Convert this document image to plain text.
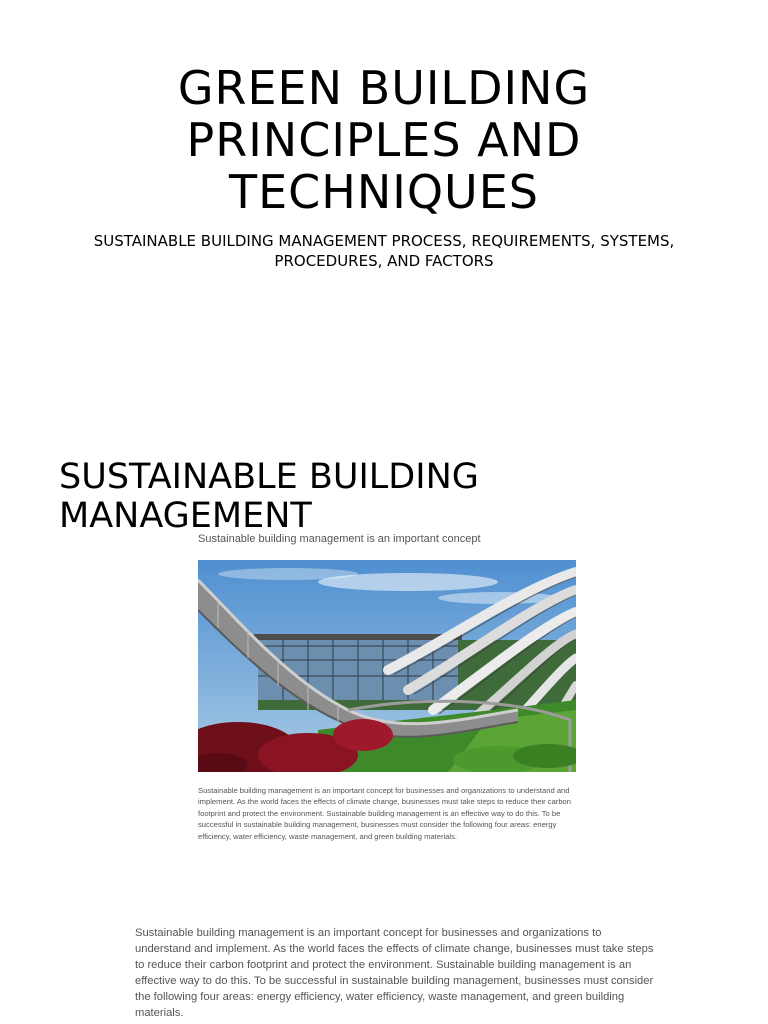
GREEN BUILDING PRINCIPLES AND TECHNIQUES

SUSTAINABLE BUILDING MANAGEMENT PROCESS, REQUIREMENTS, SYSTEMS, PROCEDURES, AND FACTORS

SUSTAINABLE BUILDING MANAGEMENT

Sustainable building management is an important concept

Sustainable building management is an important concept for businesses and organizations to understand and implement. As the world faces the effects of climate change, businesses must take steps to reduce their carbon footprint and protect the environment. Sustainable building management is an effective way to do this. To be successful in sustainable building management, businesses must consider the following four areas: energy efficiency, water efficiency, waste management, and green building materials.

Sustainable building management is an important concept for businesses and organizations to understand and implement. As the world faces the effects of climate change, businesses must take steps to reduce their carbon footprint and protect the environment. Sustainable building management is an effective way to do this. To be successful in sustainable building management, businesses must consider the following four areas: energy efficiency, water efficiency, waste management, and green building materials.
